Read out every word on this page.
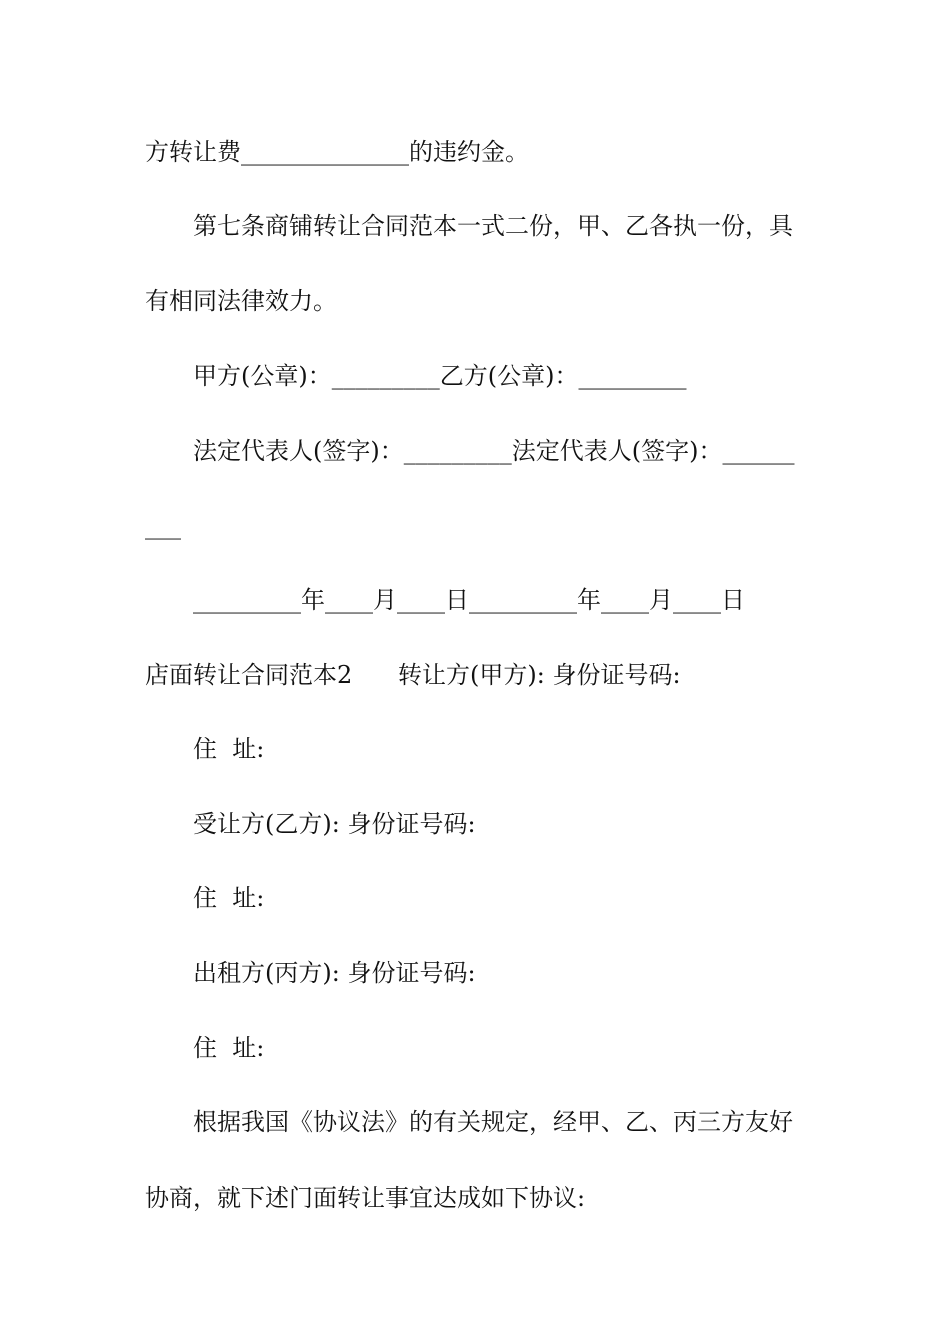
方转让费______________的违约金。
第七条商铺转让合同范本一式二份，甲、乙各执一份，具
有相同法律效力。
甲方(公章)：_________乙方(公章)：_________
法定代表人(签字)：_________法定代表人(签字)：______
___
_________年____月____日_________年____月____日
店面转让合同范本2      转让方(甲方): 身份证号码:
住  址:
受让方(乙方): 身份证号码:
住  址:
出租方(丙方): 身份证号码:
住  址:
根据我国《协议法》的有关规定，经甲、乙、丙三方友好
协商，就下述门面转让事宜达成如下协议:
